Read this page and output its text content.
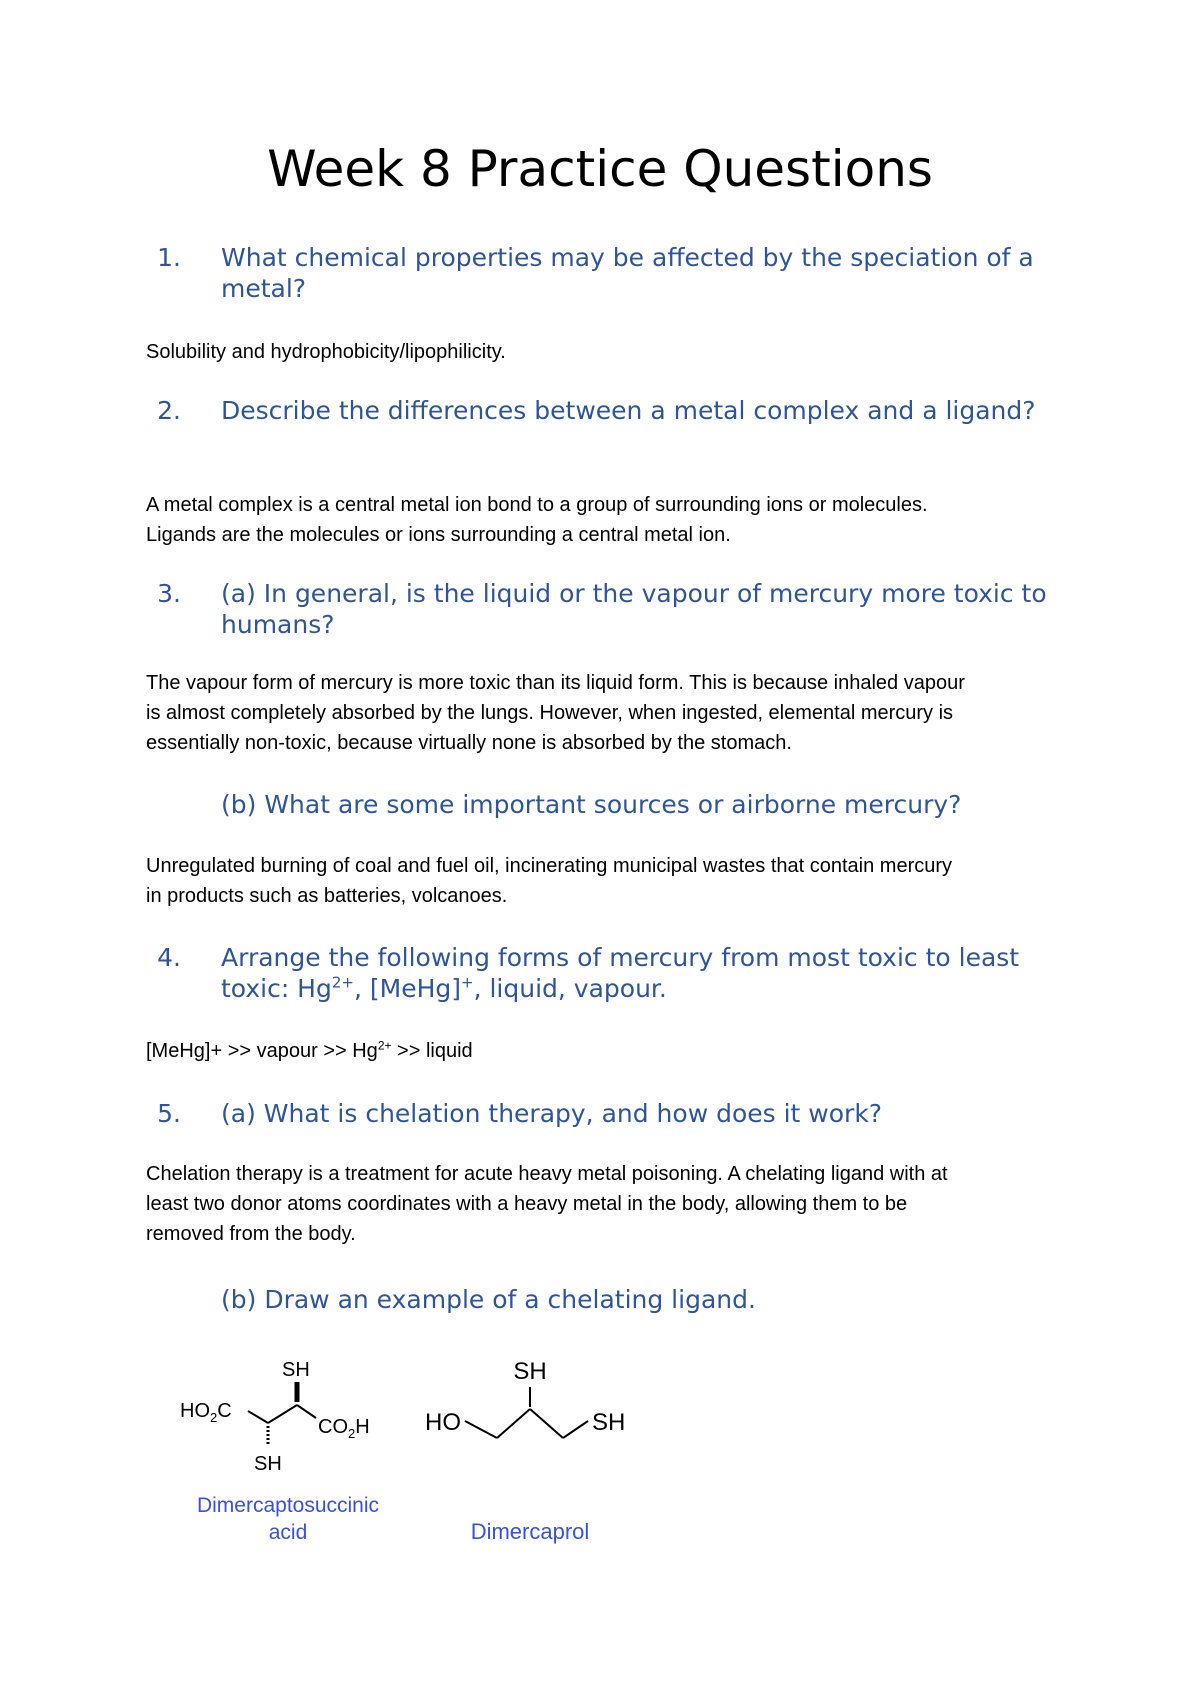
Week 8 Practice Questions
1.	What chemical properties may be affected by the speciation of a metal?
Solubility and hydrophobicity/lipophilicity.
2.	Describe the differences between a metal complex and a ligand?
A metal complex is a central metal ion bond to a group of surrounding ions or molecules.
Ligands are the molecules or ions surrounding a central metal ion.
3.	(a) In general, is the liquid or the vapour of mercury more toxic to humans?
The vapour form of mercury is more toxic than its liquid form. This is because inhaled vapour
is almost completely absorbed by the lungs. However, when ingested, elemental mercury is
essentially non-toxic, because virtually none is absorbed by the stomach.
(b) What are some important sources or airborne mercury?
Unregulated burning of coal and fuel oil, incinerating municipal wastes that contain mercury
in products such as batteries, volcanoes.
4.	Arrange the following forms of mercury from most toxic to least toxic: $Hg^{2+}$, [MeHg]+, liquid, vapour.
[MeHg]+ >> vapour >> $Hg^{2+}$ >> liquid
5.	(a) What is chelation therapy, and how does it work?
Chelation therapy is a treatment for acute heavy metal poisoning. A chelating ligand with at
least two donor atoms coordinates with a heavy metal in the body, allowing them to be
removed from the body.
(b) Draw an example of a chelating ligand.
SH
$HO_2C$
$CO_2H$
SH
Dimercaptosuccinic
acid
SH
HO	SH
Dimercaprol
